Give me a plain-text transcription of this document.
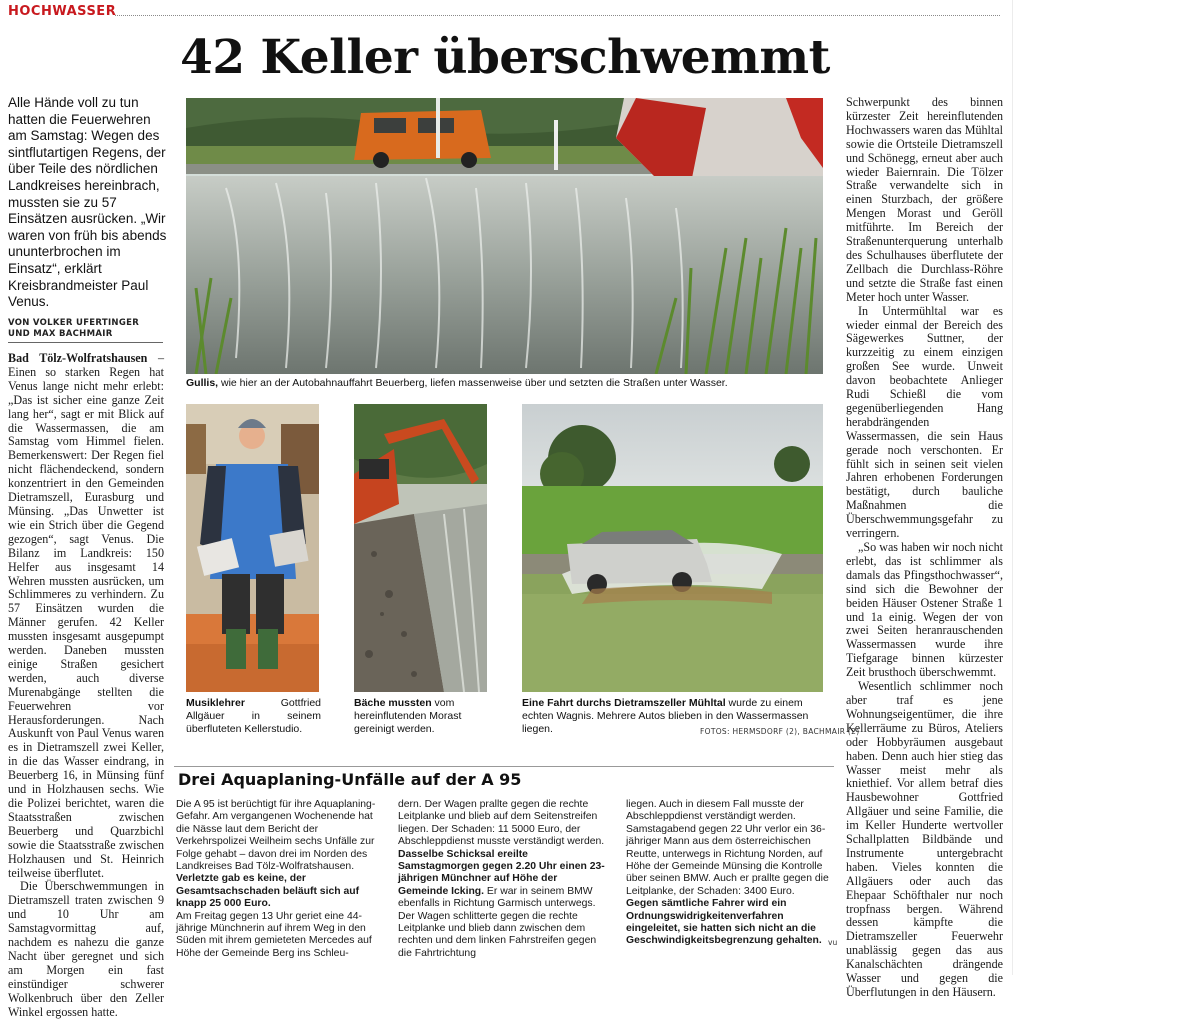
HOCHWASSER
42 Keller überschwemmt
Alle Hände voll zu tun hatten die Feuerwehren am Samstag: Wegen des sintflutartigen Regens, der über Teile des nördlichen Landkreises hereinbrach, mussten sie zu 57 Einsätzen ausrücken. „Wir waren von früh bis abends ununterbrochen im Einsatz“, erklärt Kreisbrandmeister Paul Venus.
VON VOLKER UFERTINGER
UND MAX BACHMAIR

Bad Tölz-Wolfratshausen – Einen so starken Regen hat Venus lange nicht mehr erlebt: „Das ist sicher eine ganze Zeit lang her“, sagt er mit Blick auf die Wassermassen, die am Samstag vom Himmel fielen. Bemerkenswert: Der Regen fiel nicht flächendeckend, sondern konzentriert in den Gemeinden Dietramszell, Eurasburg und Münsing. „Das Unwetter ist wie ein Strich über die Gegend gezogen“, sagt Venus. Die Bilanz im Landkreis: 150 Helfer aus insgesamt 14 Wehren mussten ausrücken, um Schlimmeres zu verhindern. Zu 57 Einsätzen wurden die Männer gerufen. 42 Keller mussten insgesamt ausgepumpt werden. Daneben mussten einige Straßen gesichert werden, auch diverse Murenabgänge stellten die Feuerwehren vor Herausforderungen. Nach Auskunft von Paul Venus waren es in Dietramszell zwei Keller, in die das Wasser eindrang, in Beuerberg 16, in Münsing fünf und in Holzhausen sechs. Wie die Polizei berichtet, waren die Staatsstraßen zwischen Beuerberg und Quarzbichl sowie die Staatsstraße zwischen Holzhausen und St. Heinrich teilweise überflutet.

Die Überschwemmungen in Dietramszell traten zwischen 9 und 10 Uhr am Samstagvormittag auf, nachdem es nahezu die ganze Nacht über geregnet und sich am Morgen ein fast einstündiger schwerer Wolkenbruch über den Zeller Winkel ergossen hatte.

Schwerpunkt des binnen kürzester Zeit hereinflutenden Hochwassers waren das Mühltal sowie die Ortsteile Dietramszell und Schönegg, erneut aber auch wieder Baiernrain. Die Tölzer Straße verwandelte sich in einen Sturzbach, der größere Mengen Morast und Geröll mitführte. Im Bereich der Straßenunterquerung unterhalb des Schulhauses überflutete der Zellbach die Durchlass-Röhre und setzte die Straße fast einen Meter hoch unter Wasser.

In Untermühltal war es wieder einmal der Bereich des Sägewerkes Suttner, der kurzzeitig zu einem einzigen großen See wurde. Unweit davon beobachtete Anlieger Rudi Schießl die vom gegenüberliegenden Hang herabdrängenden Wassermassen, die sein Haus gerade noch verschonten. Er fühlt sich in seinen seit vielen Jahren erhobenen Forderungen bestätigt, durch bauliche Maßnahmen die Überschwemmungsgefahr zu verringern.

„So was haben wir noch nicht erlebt, das ist schlimmer als damals das Pfingsthochwasser“, sind sich die Bewohner der beiden Häuser Ostener Straße 1 und 1a einig. Wegen der von zwei Seiten heranrauschenden Wassermassen wurde ihre Tiefgarage binnen kürzester Zeit brusthoch überschwemmt.

Wesentlich schlimmer noch aber traf es jene Wohnungseigentümer, die ihre Kellerräume zu Büros, Ateliers oder Hobbyräumen ausgebaut haben. Denn auch hier stieg das Wasser meist mehr als kniethief. Vor allem betraf dies Hausbewohner Gottfried Allgäuer und seine Familie, die im Keller Hunderte wertvoller Schallplatten Bildbände und Instrumente untergebracht haben. Vieles konnten die Allgäuers oder auch das Ehepaar Schöfthaler nur noch tropfnass bergen. Während dessen kämpfte die Dietramszeller Feuerwehr unablässig gegen das aus Kanalschächten drängende Wasser und gegen die Überflutungen in den Häusern.

Gullis, wie hier an der Autobahnauffahrt Beuerberg, liefen massenweise über und setzten die Straßen unter Wasser.
Musiklehrer Gottfried Allgäuer in seinem überfluteten Kellerstudio.
Bäche mussten vom hereinflutenden Morast gereinigt werden.
Eine Fahrt durchs Dietramszeller Mühltal wurde zu einem echten Wagnis. Mehrere Autos blieben in den Wassermassen liegen.	FOTOS: HERMSDORF (2), BACHMAIR (2)
Drei Aquaplaning-Unfälle auf der A 95

Die A 95 ist berüchtigt für ihre Aquaplaning-Gefahr. Am vergangenen Wochenende hat die Nässe laut dem Bericht der Verkehrspolizei Weilheim sechs Unfälle zur Folge gehabt – davon drei im Norden des Landkreises Bad Tölz-Wolfratshausen. Verletzte gab es keine, der Gesamtsachschaden beläuft sich auf knapp 25 000 Euro.

Am Freitag gegen 13 Uhr geriet eine 44-jährige Münchnerin auf ihrem Weg in den Süden mit ihrem gemieteten Mercedes auf Höhe der Gemeinde Berg ins Schleu-

dern. Der Wagen prallte gegen die rechte Leitplanke und blieb auf dem Seitenstreifen liegen. Der Schaden: 11 5000 Euro, der Abschleppdienst musste verständigt werden.

Dasselbe Schicksal ereilte Samstagmorgen gegen 2.20 Uhr einen 23-jährigen Münchner auf Höhe der Gemeinde Icking. Er war in seinem BMW ebenfalls in Richtung Garmisch unterwegs. Der Wagen schlitterte gegen die rechte Leitplanke und blieb dann zwischen dem rechten und dem linken Fahrstreifen gegen die Fahrtrichtung

liegen. Auch in diesem Fall musste der Abschleppdienst verständigt werden. Samstagabend gegen 22 Uhr verlor ein 36-jähriger Mann aus dem österreichischen Reutte, unterwegs in Richtung Norden, auf Höhe der Gemeinde Münsing die Kontrolle über seinen BMW. Auch er prallte gegen die Leitplanke, der Schaden: 3400 Euro.

Gegen sämtliche Fahrer wird ein Ordnungswidrigkeitenverfahren eingeleitet, sie hatten sich nicht an die Geschwindigkeitsbegrenzung gehalten. vu
